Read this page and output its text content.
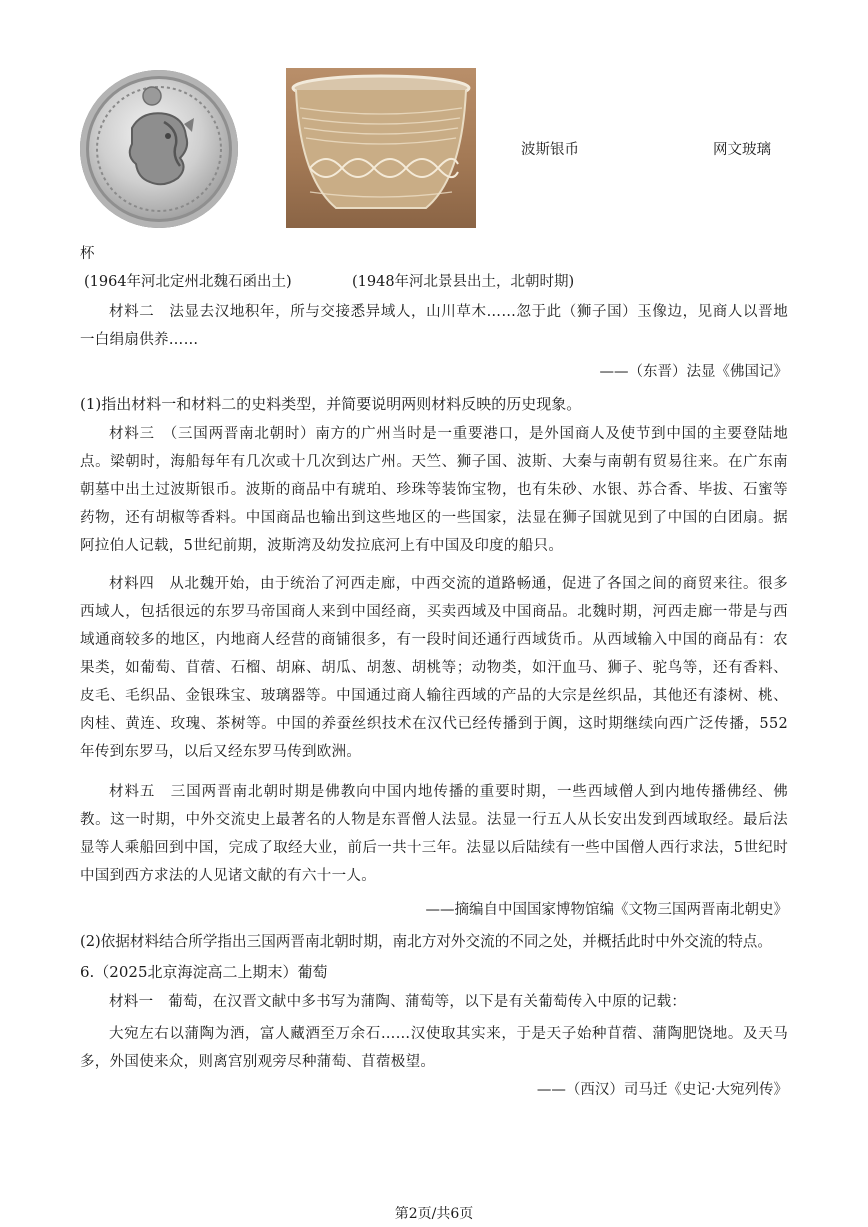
波斯银币	网文玻璃
杯
(1964年河北定州北魏石函出土)	(1948年河北景县出土，北朝时期)
材料二　法显去汉地积年，所与交接悉异域人，山川草木……忽于此（狮子国）玉像边，见商人以晋地一白绢扇供养……
——（东晋）法显《佛国记》
(1)指出材料一和材料二的史料类型，并简要说明两则材料反映的历史现象。
材料三　（三国两晋南北朝时）南方的广州当时是一重要港口，是外国商人及使节到中国的主要登陆地点。梁朝时，海船每年有几次或十几次到达广州。天竺、狮子国、波斯、大秦与南朝有贸易往来。在广东南朝墓中出土过波斯银币。波斯的商品中有琥珀、珍珠等装饰宝物，也有朱砂、水银、苏合香、毕拔、石蜜等药物，还有胡椒等香料。中国商品也输出到这些地区的一些国家，法显在狮子国就见到了中国的白团扇。据阿拉伯人记载，5世纪前期，波斯湾及幼发拉底河上有中国及印度的船只。
材料四　从北魏开始，由于统治了河西走廊，中西交流的道路畅通，促进了各国之间的商贸来往。很多西域人，包括很远的东罗马帝国商人来到中国经商，买卖西域及中国商品。北魏时期，河西走廊一带是与西域通商较多的地区，内地商人经营的商铺很多，有一段时间还通行西域货币。从西域输入中国的商品有：农果类，如葡萄、苜蓿、石榴、胡麻、胡瓜、胡葱、胡桃等；动物类，如汗血马、狮子、驼鸟等，还有香料、皮毛、毛织品、金银珠宝、玻璃器等。中国通过商人输往西域的产品的大宗是丝织品，其他还有漆树、桃、肉桂、黄连、玫瑰、茶树等。中国的养蚕丝织技术在汉代已经传播到于阗，这时期继续向西广泛传播，552年传到东罗马，以后又经东罗马传到欧洲。
材料五　三国两晋南北朝时期是佛教向中国内地传播的重要时期，一些西域僧人到内地传播佛经、佛教。这一时期，中外交流史上最著名的人物是东晋僧人法显。法显一行五人从长安出发到西域取经。最后法显等人乘船回到中国，完成了取经大业，前后一共十三年。法显以后陆续有一些中国僧人西行求法，5世纪时中国到西方求法的人见诸文献的有六十一人。
——摘编自中国国家博物馆编《文物三国两晋南北朝史》
(2)依据材料结合所学指出三国两晋南北朝时期，南北方对外交流的不同之处，并概括此时中外交流的特点。
6.（2025北京海淀高二上期末）葡萄
材料一　葡萄，在汉晋文献中多书写为蒲陶、蒲萄等，以下是有关葡萄传入中原的记载：
大宛左右以蒲陶为酒，富人藏酒至万余石……汉使取其实来，于是天子始种苜蓿、蒲陶肥饶地。及天马多，外国使来众，则离宫别观旁尽种蒲萄、苜蓿极望。
——（西汉）司马迁《史记·大宛列传》
第2页/共6页
